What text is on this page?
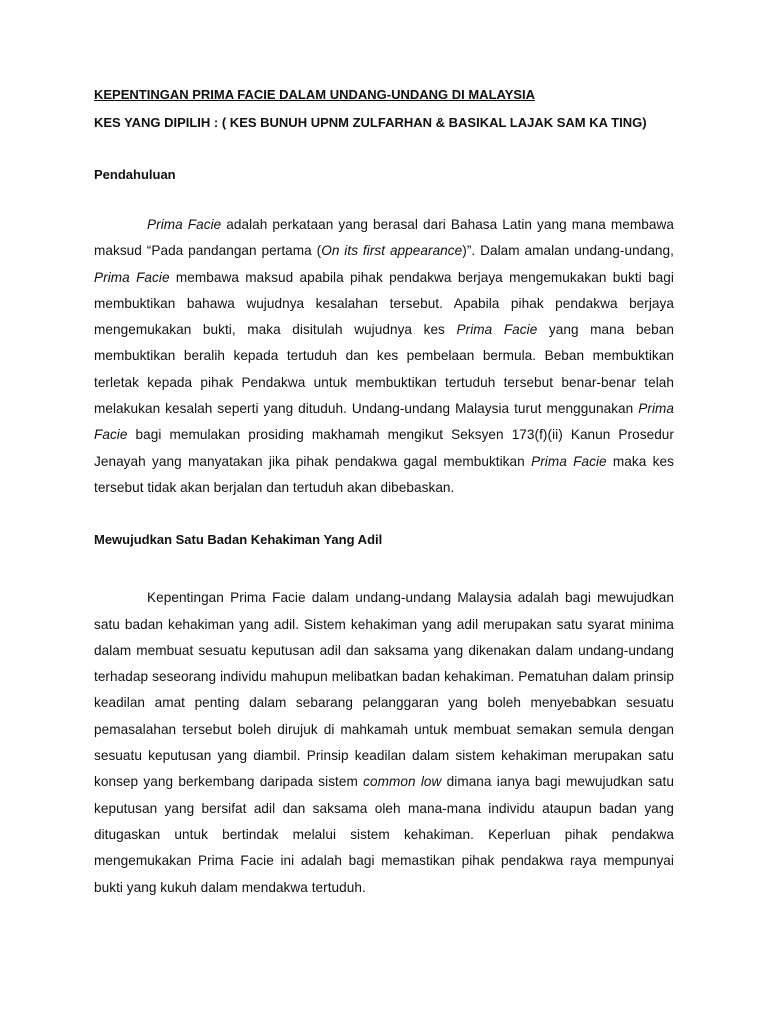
KEPENTINGAN PRIMA FACIE DALAM UNDANG-UNDANG DI MALAYSIA

KES YANG DIPILIH : ( KES BUNUH UPNM ZULFARHAN & BASIKAL LAJAK SAM KA TING)

Pendahuluan

Prima Facie adalah perkataan yang berasal dari Bahasa Latin yang mana membawa maksud “Pada pandangan pertama (On its first appearance)”. Dalam amalan undang-undang, Prima Facie membawa maksud apabila pihak pendakwa berjaya mengemukakan bukti bagi membuktikan bahawa wujudnya kesalahan tersebut. Apabila pihak pendakwa berjaya mengemukakan bukti, maka disitulah wujudnya kes Prima Facie yang mana beban membuktikan beralih kepada tertuduh dan kes pembelaan bermula. Beban membuktikan terletak kepada pihak Pendakwa untuk membuktikan tertuduh tersebut benar-benar telah melakukan kesalah seperti yang dituduh. Undang-undang Malaysia turut menggunakan Prima Facie bagi memulakan prosiding makhamah mengikut Seksyen 173(f)(ii) Kanun Prosedur Jenayah yang manyatakan jika pihak pendakwa gagal membuktikan Prima Facie maka kes tersebut tidak akan berjalan dan tertuduh akan dibebaskan.

Mewujudkan Satu Badan Kehakiman Yang Adil

Kepentingan Prima Facie dalam undang-undang Malaysia adalah bagi mewujudkan satu badan kehakiman yang adil. Sistem kehakiman yang adil merupakan satu syarat minima dalam membuat sesuatu keputusan adil dan saksama yang dikenakan dalam undang-undang terhadap seseorang individu mahupun melibatkan badan kehakiman. Pematuhan dalam prinsip keadilan amat penting dalam sebarang pelanggaran yang boleh menyebabkan sesuatu pemasalahan tersebut boleh dirujuk di mahkamah untuk membuat semakan semula dengan sesuatu keputusan yang diambil. Prinsip keadilan dalam sistem kehakiman merupakan satu konsep yang berkembang daripada sistem common low dimana ianya bagi mewujudkan satu keputusan yang bersifat adil dan saksama oleh mana-mana individu ataupun badan yang ditugaskan untuk bertindak melalui sistem kehakiman. Keperluan pihak pendakwa mengemukakan Prima Facie ini adalah bagi memastikan pihak pendakwa raya mempunyai bukti yang kukuh dalam mendakwa tertuduh.
